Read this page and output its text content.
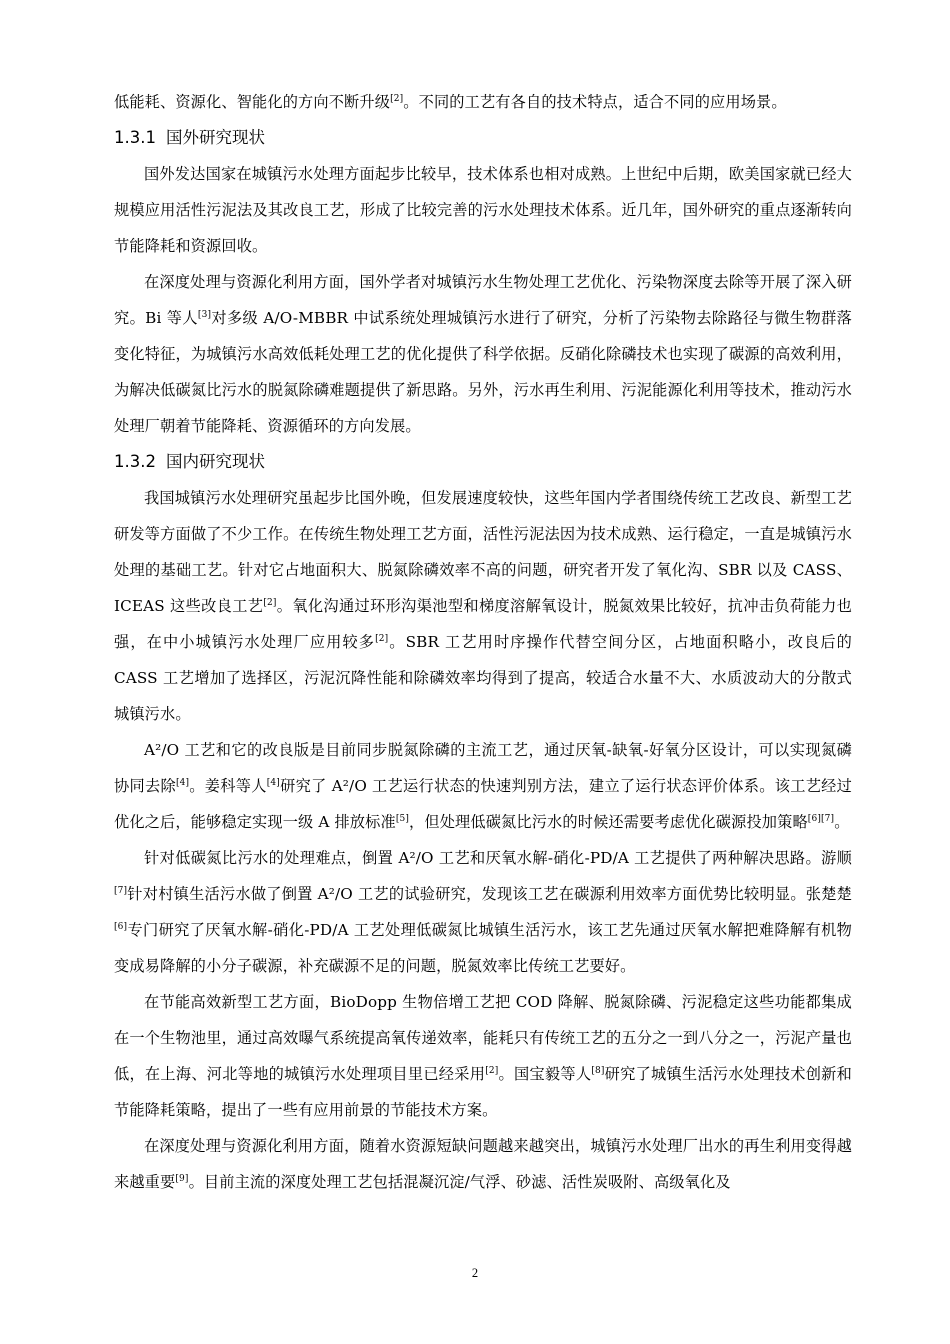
低能耗、资源化、智能化的方向不断升级[2]。不同的工艺有各自的技术特点，适合不同的应用场景。

1.3.1 国外研究现状

国外发达国家在城镇污水处理方面起步比较早，技术体系也相对成熟。上世纪中后期，欧美国家就已经大规模应用活性污泥法及其改良工艺，形成了比较完善的污水处理技术体系。近几年，国外研究的重点逐渐转向节能降耗和资源回收。

在深度处理与资源化利用方面，国外学者对城镇污水生物处理工艺优化、污染物深度去除等开展了深入研究。Bi 等人[3]对多级 A/O-MBBR 中试系统处理城镇污水进行了研究，分析了污染物去除路径与微生物群落变化特征，为城镇污水高效低耗处理工艺的优化提供了科学依据。反硝化除磷技术也实现了碳源的高效利用，为解决低碳氮比污水的脱氮除磷难题提供了新思路。另外，污水再生利用、污泥能源化利用等技术，推动污水处理厂朝着节能降耗、资源循环的方向发展。

1.3.2 国内研究现状

我国城镇污水处理研究虽起步比国外晚，但发展速度较快，这些年国内学者围绕传统工艺改良、新型工艺研发等方面做了不少工作。在传统生物处理工艺方面，活性污泥法因为技术成熟、运行稳定，一直是城镇污水处理的基础工艺。针对它占地面积大、脱氮除磷效率不高的问题，研究者开发了氧化沟、SBR 以及 CASS、ICEAS 这些改良工艺[2]。氧化沟通过环形沟渠池型和梯度溶解氧设计，脱氮效果比较好，抗冲击负荷能力也强，在中小城镇污水处理厂应用较多[2]。SBR 工艺用时序操作代替空间分区，占地面积略小，改良后的 CASS 工艺增加了选择区，污泥沉降性能和除磷效率均得到了提高，较适合水量不大、水质波动大的分散式城镇污水。

A²/O 工艺和它的改良版是目前同步脱氮除磷的主流工艺，通过厌氧-缺氧-好氧分区设计，可以实现氮磷协同去除[4]。姜科等人[4]研究了 A²/O 工艺运行状态的快速判别方法，建立了运行状态评价体系。该工艺经过优化之后，能够稳定实现一级 A 排放标准[5]，但处理低碳氮比污水的时候还需要考虑优化碳源投加策略[6][7]。

针对低碳氮比污水的处理难点，倒置 A²/O 工艺和厌氧水解-硝化-PD/A 工艺提供了两种解决思路。游顺[7]针对村镇生活污水做了倒置 A²/O 工艺的试验研究，发现该工艺在碳源利用效率方面优势比较明显。张楚楚[6]专门研究了厌氧水解-硝化-PD/A 工艺处理低碳氮比城镇生活污水，该工艺先通过厌氧水解把难降解有机物变成易降解的小分子碳源，补充碳源不足的问题，脱氮效率比传统工艺要好。

在节能高效新型工艺方面，BioDopp 生物倍增工艺把 COD 降解、脱氮除磷、污泥稳定这些功能都集成在一个生物池里，通过高效曝气系统提高氧传递效率，能耗只有传统工艺的五分之一到八分之一，污泥产量也低，在上海、河北等地的城镇污水处理项目里已经采用[2]。国宝毅等人[8]研究了城镇生活污水处理技术创新和节能降耗策略，提出了一些有应用前景的节能技术方案。

在深度处理与资源化利用方面，随着水资源短缺问题越来越突出，城镇污水处理厂出水的再生利用变得越来越重要[9]。目前主流的深度处理工艺包括混凝沉淀/气浮、砂滤、活性炭吸附、高级氧化及

2
